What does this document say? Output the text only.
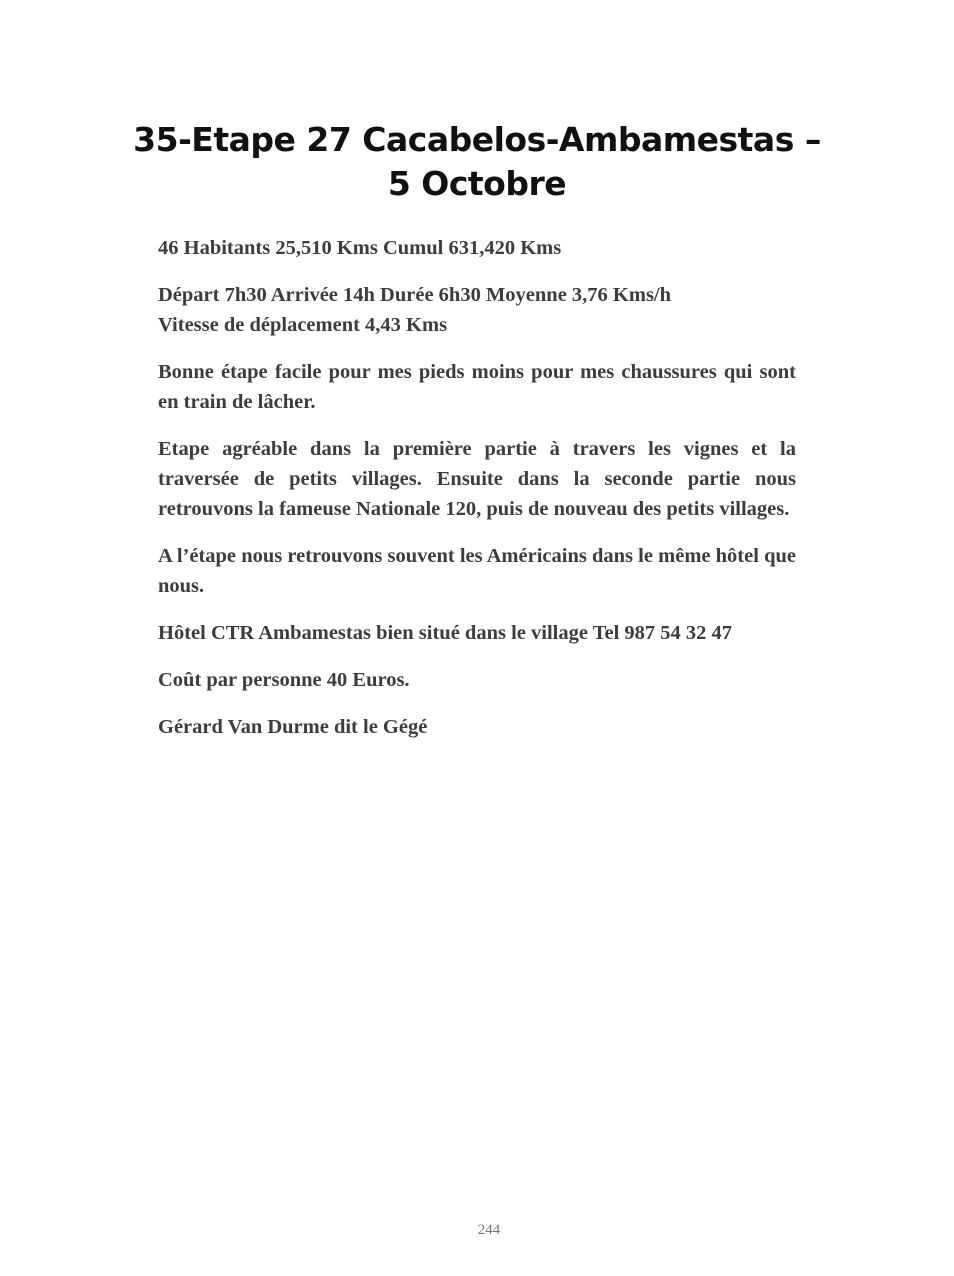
35-Etape 27 Cacabelos-Ambamestas –
5 Octobre

46 Habitants 25,510 Kms Cumul 631,420 Kms

Départ 7h30 Arrivée 14h Durée 6h30 Moyenne 3,76 Kms/h
Vitesse de déplacement 4,43 Kms

Bonne étape facile pour mes pieds moins pour mes chaussures qui sont en train de lâcher.

Etape agréable dans la première partie à travers les vignes et la traversée de petits villages. Ensuite dans la seconde partie nous retrouvons la fameuse Nationale 120, puis de nouveau des petits villages.

A l’étape nous retrouvons souvent les Américains dans le même hôtel que nous.

Hôtel CTR Ambamestas bien situé dans le village Tel 987 54 32 47

Coût par personne 40 Euros.

Gérard Van Durme dit le Gégé

244
